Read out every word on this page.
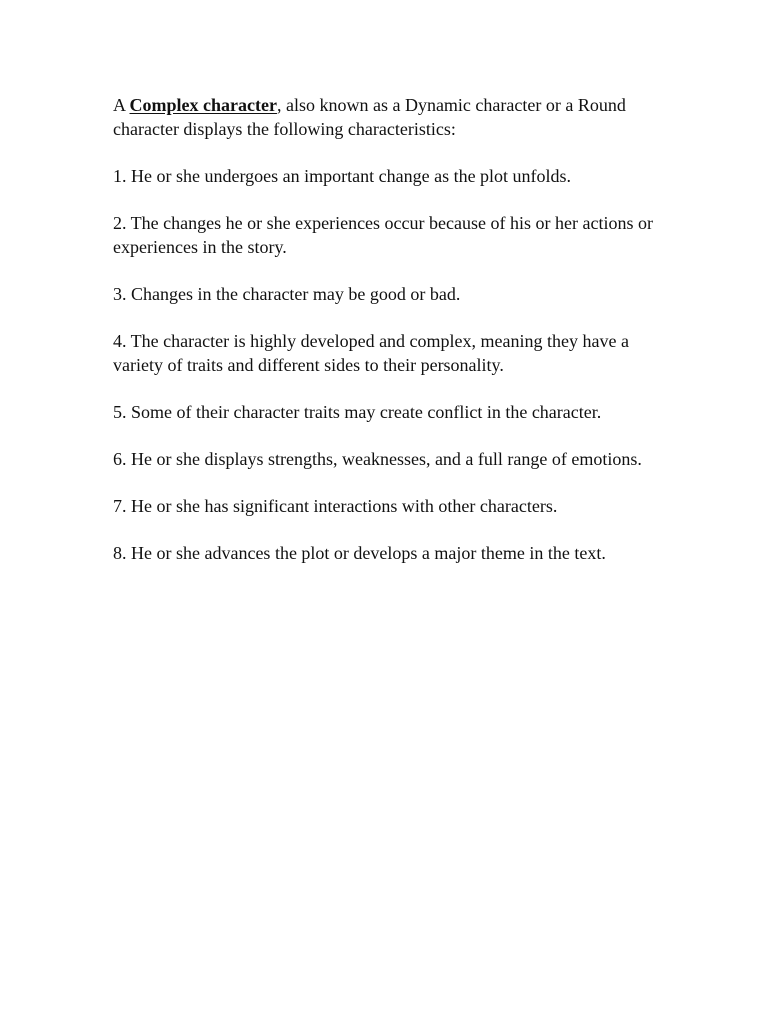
A Complex character, also known as a Dynamic character or a Round character displays the following characteristics:

1. He or she undergoes an important change as the plot unfolds.

2. The changes he or she experiences occur because of his or her actions or experiences in the story.

3. Changes in the character may be good or bad.

4. The character is highly developed and complex, meaning they have a variety of traits and different sides to their personality.

5. Some of their character traits may create conflict in the character.

6. He or she displays strengths, weaknesses, and a full range of emotions.

7. He or she has significant interactions with other characters.

8. He or she advances the plot or develops a major theme in the text.
